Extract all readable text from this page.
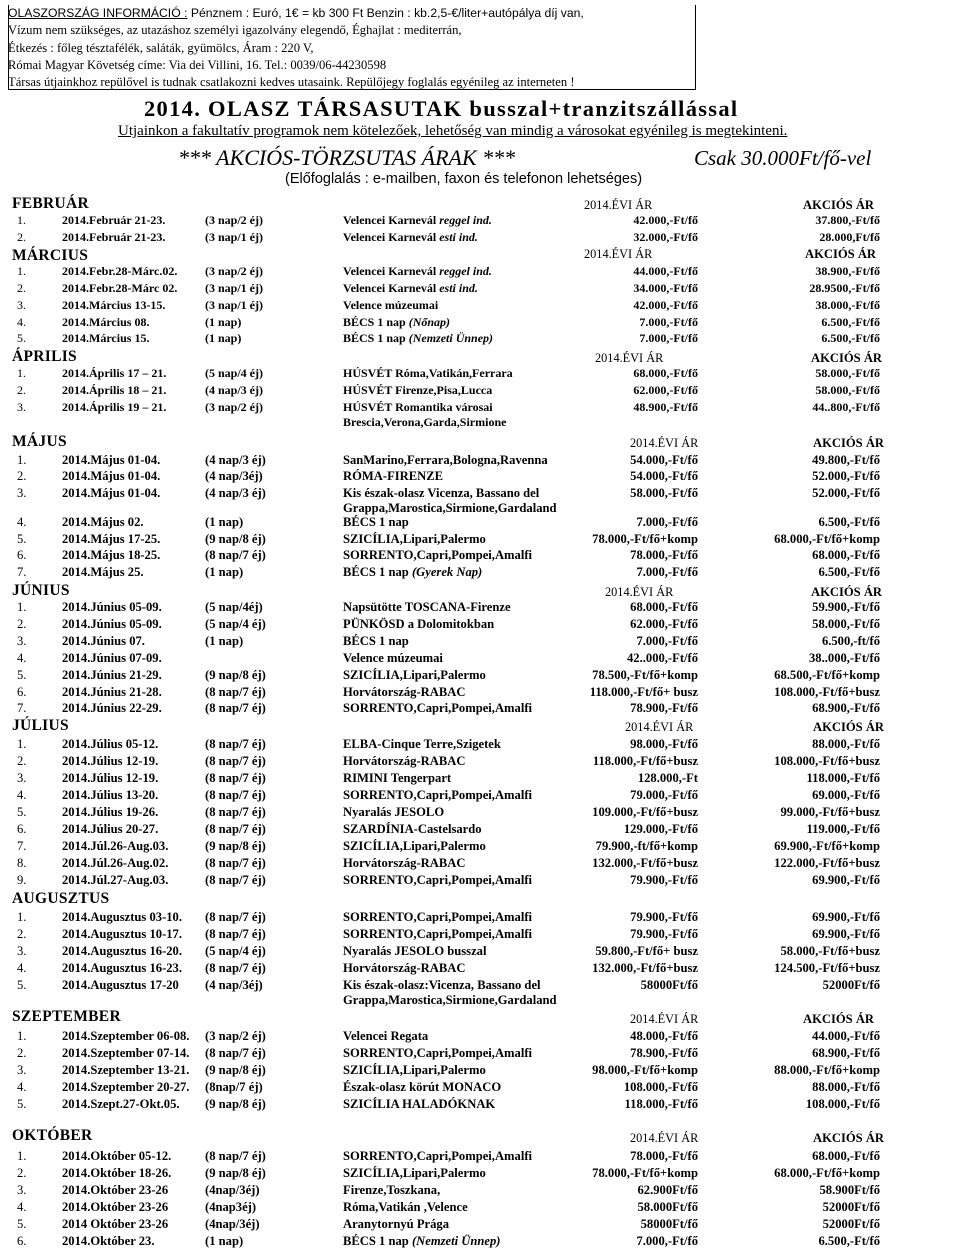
OLASZORSZÁG INFORMÁCIÓ : Pénznem : Euró, 1€ = kb 300 Ft Benzin : kb.2,5-€/liter+autópálya díj van,
Vízum nem szükséges, az utazáshoz személyi igazolvány elegendő, Éghajlat : mediterrán,
Étkezés : főleg tésztafélék, saláták, gyümölcs, Áram : 220 V,
Római Magyar Követség címe: Via dei Villini, 16. Tel.: 0039/06-44230598
Társas útjainkhoz repülővel is tudnak csatlakozni kedves utasaink. Repülőjegy foglalás egyénileg az interneten !
2014. OLASZ TÁRSASUTAK busszal+tranzitszállással
Utjainkon a fakultatív programok nem kötelezőek, lehetőség van mindig a városokat egyénileg is megtekinteni.
*** AKCIÓS-TÖRZSUTAS ÁRAK ***	Csak 30.000Ft/fő-vel
(Előfoglalás : e-mailben, faxon és telefonon lehetséges)
FEBRUÁR	2014.ÉVI ÁR	AKCIÓS ÁR
1.	2014.Február 21-23.	(3 nap/2 éj)	Velencei Karnevál reggel ind.	42.000,-Ft/fő	37.800,-Ft/fő
2.	2014.Február 21-23.	(3 nap/1 éj)	Velencei Karnevál esti ind.	32.000,-Ft/fő	28.000,Ft/fő
MÁRCIUS	2014.ÉVI ÁR	AKCIÓS ÁR
1.	2014.Febr.28-Márc.02. (3 nap/2 éj)	Velencei Karnevál reggel ind.	44.000,-Ft/fő	38.900,-Ft/fő
2.	2014.Febr.28-Márc 02. (3 nap/1 éj)	Velencei Karnevál esti ind.	34.000,-Ft/fő	28.9500,-Ft/fő
3.	2014.Március 13-15.	(3 nap/1 éj)	Velence múzeumai	42.000,-Ft/fő	38.000,-Ft/fő
4.	2014.Március 08.	(1 nap)	BÉCS 1 nap (Nőnap)	7.000,-Ft/fő	6.500,-Ft/fő
5.	2014.Március 15.	(1 nap)	BÉCS 1 nap (Nemzeti Ünnep)	7.000,-Ft/fő	6.500,-Ft/fő
ÁPRILIS	2014.ÉVI ÁR	AKCIÓS ÁR
1.	2014.Április 17 – 21.	(5 nap/4 éj)	HÚSVÉT Róma,Vatikán,Ferrara	68.000,-Ft/fő	58.000,-Ft/fő
2.	2014.Április 18 – 21.	(4 nap/3 éj)	HÚSVÉT Firenze,Pisa,Lucca	62.000,-Ft/fő	58.000,-Ft/fő
3.	2014.Április 19 – 21.	(3 nap/2 éj)	HÚSVÉT Romantika városai
Brescia,Verona,Garda,Sirmione
48.900,-Ft/fő	44..800,-Ft/fő
MÁJUS	2014.ÉVI ÁR	AKCIÓS ÁR
1.	2014.Május 01-04.	(4 nap/3 éj)	SanMarino,Ferrara,Bologna,Ravenna	54.000,-Ft/fő	49.800,-Ft/fő
2.	2014.Május 01-04.	(4 nap/3éj)	RÓMA-FIRENZE	54.000,-Ft/fő	52.000,-Ft/fő
3.	2014.Május 01-04.	(4 nap/3 éj)	Kis észak-olasz Vicenza, Bassano del
Grappa,Marostica,Sirmione,Gardaland
58.000,-Ft/fő	52.000,-Ft/fő
4.	2014.Május 02.	(1 nap)	BÉCS 1 nap	7.000,-Ft/fő	6.500,-Ft/fő
5.	2014.Május 17-25.	(9 nap/8 éj)	SZICÍLIA,Lipari,Palermo	78.000,-Ft/fő+komp	68.000,-Ft/fő+komp
6.	2014.Május 18-25.	(8 nap/7 éj)	SORRENTO,Capri,Pompei,Amalfi	78.000,-Ft/fő	68.000,-Ft/fő
7.	2014.Május 25.	(1 nap)	BÉCS 1 nap (Gyerek Nap)	7.000,-Ft/fő	6.500,-Ft/fő
JÚNIUS	2014.ÉVI ÁR	AKCIÓS ÁR
1.	2014.Június 05-09.	(5 nap/4éj)	Napsütötte TOSCANA-Firenze	68.000,-Ft/fő	59.900,-Ft/fő
2.	2014.Június 05-09.	(5 nap/4 éj)	PÜNKÖSD a Dolomitokban	62.000,-Ft/fő	58.000,-Ft/fő
3.	2014.Június 07.	(1 nap)	BÉCS 1 nap	7.000,-Ft/fő	6.500,-ft/fő
4.	2014.Június 07-09.	Velence múzeumai	42..000,-Ft/fő	38..000,-Ft/fő
5.	2014.Június 21-29.	(9 nap/8 éj)	SZICÍLIA,Lipari,Palermo	78.500,-Ft/fő+komp	68.500,-Ft/fő+komp
6.	2014.Június 21-28.	(8 nap/7 éj)	Horvátország-RABAC	118.000,-Ft/fő+ busz	108.000,-Ft/fő+busz
7.	2014.Június 22-29.	(8 nap/7 éj)	SORRENTO,Capri,Pompei,Amalfi	78.900,-Ft/fő	68.900,-Ft/fő
JÚLIUS	2014.ÉVI ÁR	AKCIÓS ÁR
1.	2014.Július 05-12.	(8 nap/7 éj)	ELBA-Cinque Terre,Szigetek	98.000,-Ft/fő	88.000,-Ft/fő
2.	2014.Július 12-19.	(8 nap/7 éj)	Horvátország-RABAC	118.000,-Ft/fő+busz	108.000,-Ft/fő+busz
3.	2014.Július 12-19.	(8 nap/7 éj)	RIMINI Tengerpart	128.000,-Ft	118.000,-Ft/fő
4.	2014.Július 13-20.	(8 nap/7 éj)	SORRENTO,Capri,Pompei,Amalfi	79.000,-Ft/fő	69.000,-Ft/fő
5.	2014.Július 19-26.	(8 nap/7 éj)	Nyaralás JESOLO	109.000,-Ft/fő+busz	99.000,-Ft/fő+busz
6.	2014.Július 20-27.	(8 nap/7 éj)	SZARDÍNIA-Castelsardo	129.000,-Ft/fő	119.000,-Ft/fő
7.	2014.Júl.26-Aug.03.	(9 nap/8 éj)	SZICÍLIA,Lipari,Palermo	79.900,-ft/fő+komp	69.900,-Ft/fő+komp
8.	2014.Júl.26-Aug.02.	(8 nap/7 éj)	Horvátország-RABAC	132.000,-Ft/fő+busz	122.000,-Ft/fő+busz
9.	2014.Júl.27-Aug.03.	(8 nap/7 éj)	SORRENTO,Capri,Pompei,Amalfi	79.900,-Ft/fő	69.900,-Ft/fő
AUGUSZTUS
1.	2014.Augusztus 03-10. (8 nap/7 éj)	SORRENTO,Capri,Pompei,Amalfi	79.900,-Ft/fő	69.900,-Ft/fő
2.	2014.Augusztus 10-17. (8 nap/7 éj)	SORRENTO,Capri,Pompei,Amalfi	79.900,-Ft/fő	69.900,-Ft/fő
3.	2014.Augusztus 16-20. (5 nap/4 éj)	Nyaralás JESOLO busszal	59.800,-Ft/fő+ busz	58.000,-Ft/fő+busz
4.	2014.Augusztus 16-23. (8 nap/7 éj)	Horvátország-RABAC	132.000,-Ft/fő+busz	124.500,-Ft/fő+busz
5.	2014.Augusztus 17-20 (4 nap/3éj)	Kis észak-olasz:Vicenza, Bassano del
Grappa,Marostica,Sirmione,Gardaland
58000Ft/fő	52000Ft/fő
SZEPTEMBER	2014.ÉVI ÁR	AKCIÓS ÁR
1.	2014.Szeptember 06-08. (3 nap/2 éj)	Velencei Regata	48.000,-Ft/fő	44.000,-Ft/fő
2.	2014.Szeptember 07-14. (8 nap/7 éj)	SORRENTO,Capri,Pompei,Amalfi	78.900,-Ft/fő	68.900,-Ft/fő
3.	2014.Szeptember 13-21. (9 nap/8 éj)	SZICÍLIA,Lipari,Palermo	98.000,-Ft/fő+komp	88.000,-Ft/fő+komp
4.	2014.Szeptember 20-27. (8nap/7 éj)	Észak-olasz körút MONACO	108.000,-Ft/fő	88.000,-Ft/fő
5.	2014.Szept.27-Okt.05. (9 nap/8 éj)	SZICÍLIA HALADÓKNAK	118.000,-Ft/fő	108.000,-Ft/fő
OKTÓBER	2014.ÉVI ÁR	AKCIÓS ÁR
1.	2014.Október 05-12.	(8 nap/7 éj)	SORRENTO,Capri,Pompei,Amalfi	78.000,-Ft/fő	68.000,-Ft/fő
2.	2014.Október 18-26.	(9 nap/8 éj)	SZICÍLIA,Lipari,Palermo	78.000,-Ft/fő+komp	68.000,-Ft/fő+komp
3.	2014.Október 23-26	(4nap/3éj)	Firenze,Toszkana,	62.900Ft/fő	58.900Ft/fő
4.	2014.Október 23-26	(4nap3éj)	Róma,Vatikán ,Velence	58.000Ft/fő	52000Ft/fő
5.	2014 Október 23-26	(4nap/3éj)	Aranytornyú Prága	58000Ft/fő	52000Ft/fő
6.	2014.Október 23.	(1 nap)	BÉCS 1 nap (Nemzeti Ünnep)	7.000,-Ft/fő	6.500,-Ft/fő
